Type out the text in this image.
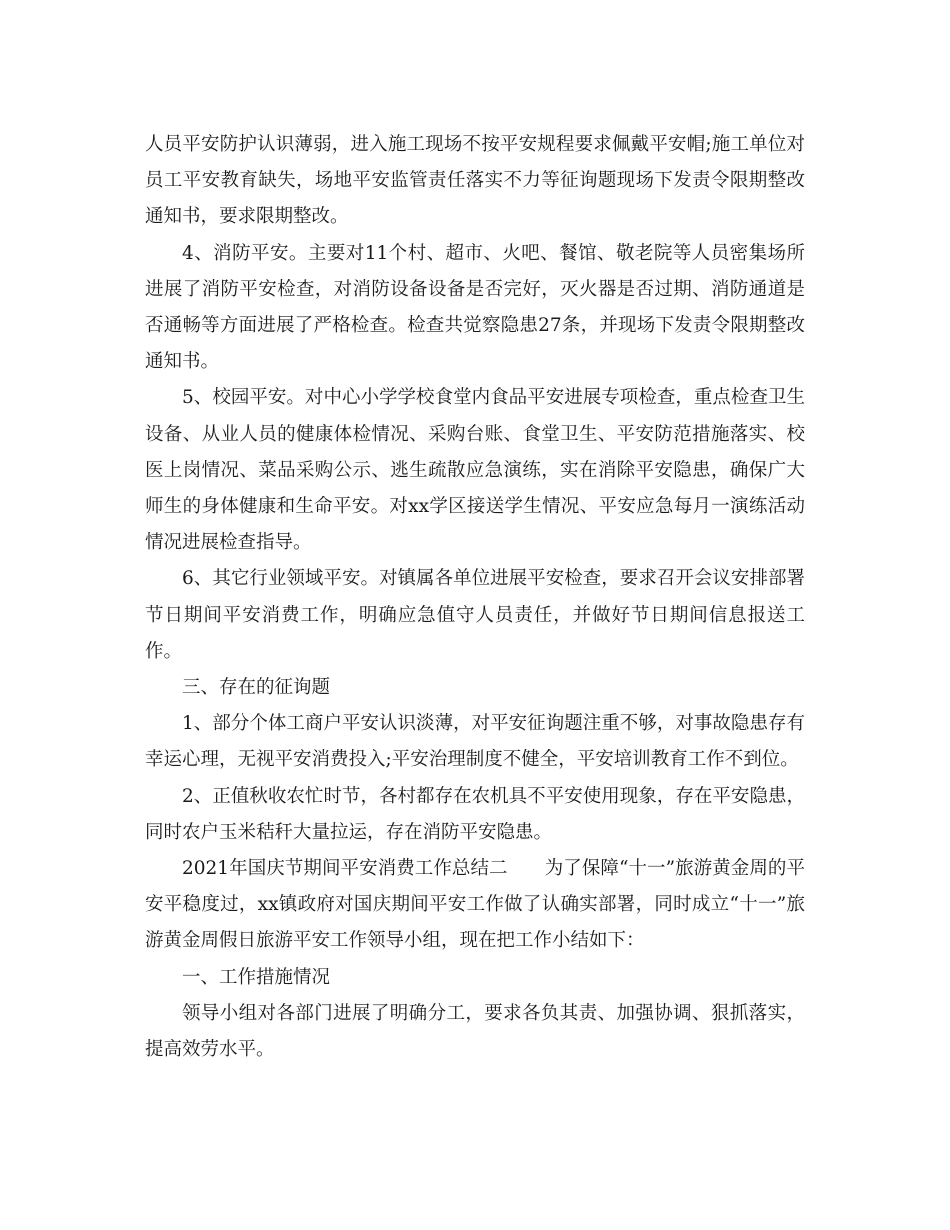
人员平安防护认识薄弱，进入施工现场不按平安规程要求佩戴平安帽;施工单位对员工平安教育缺失，场地平安监管责任落实不力等征询题现场下发责令限期整改通知书，要求限期整改。

4、消防平安。主要对11个村、超市、火吧、餐馆、敬老院等人员密集场所进展了消防平安检查，对消防设备设备是否完好，灭火器是否过期、消防通道是否通畅等方面进展了严格检查。检查共觉察隐患27条，并现场下发责令限期整改通知书。

5、校园平安。对中心小学学校食堂内食品平安进展专项检查，重点检查卫生设备、从业人员的健康体检情况、采购台账、食堂卫生、平安防范措施落实、校医上岗情况、菜品采购公示、逃生疏散应急演练，实在消除平安隐患，确保广大师生的身体健康和生命平安。对xx学区接送学生情况、平安应急每月一演练活动情况进展检查指导。

6、其它行业领域平安。对镇属各单位进展平安检查，要求召开会议安排部署节日期间平安消费工作，明确应急值守人员责任，并做好节日期间信息报送工作。

三、存在的征询题

1、部分个体工商户平安认识淡薄，对平安征询题注重不够，对事故隐患存有幸运心理，无视平安消费投入;平安治理制度不健全，平安培训教育工作不到位。

2、正值秋收农忙时节，各村都存在农机具不平安使用现象，存在平安隐患，同时农户玉米秸秆大量拉运，存在消防平安隐患。

2021年国庆节期间平安消费工作总结二　　为了保障“十一”旅游黄金周的平安平稳度过，xx镇政府对国庆期间平安工作做了认确实部署，同时成立“十一”旅游黄金周假日旅游平安工作领导小组，现在把工作小结如下：

一、工作措施情况

领导小组对各部门进展了明确分工，要求各负其责、加强协调、狠抓落实，提高效劳水平。
